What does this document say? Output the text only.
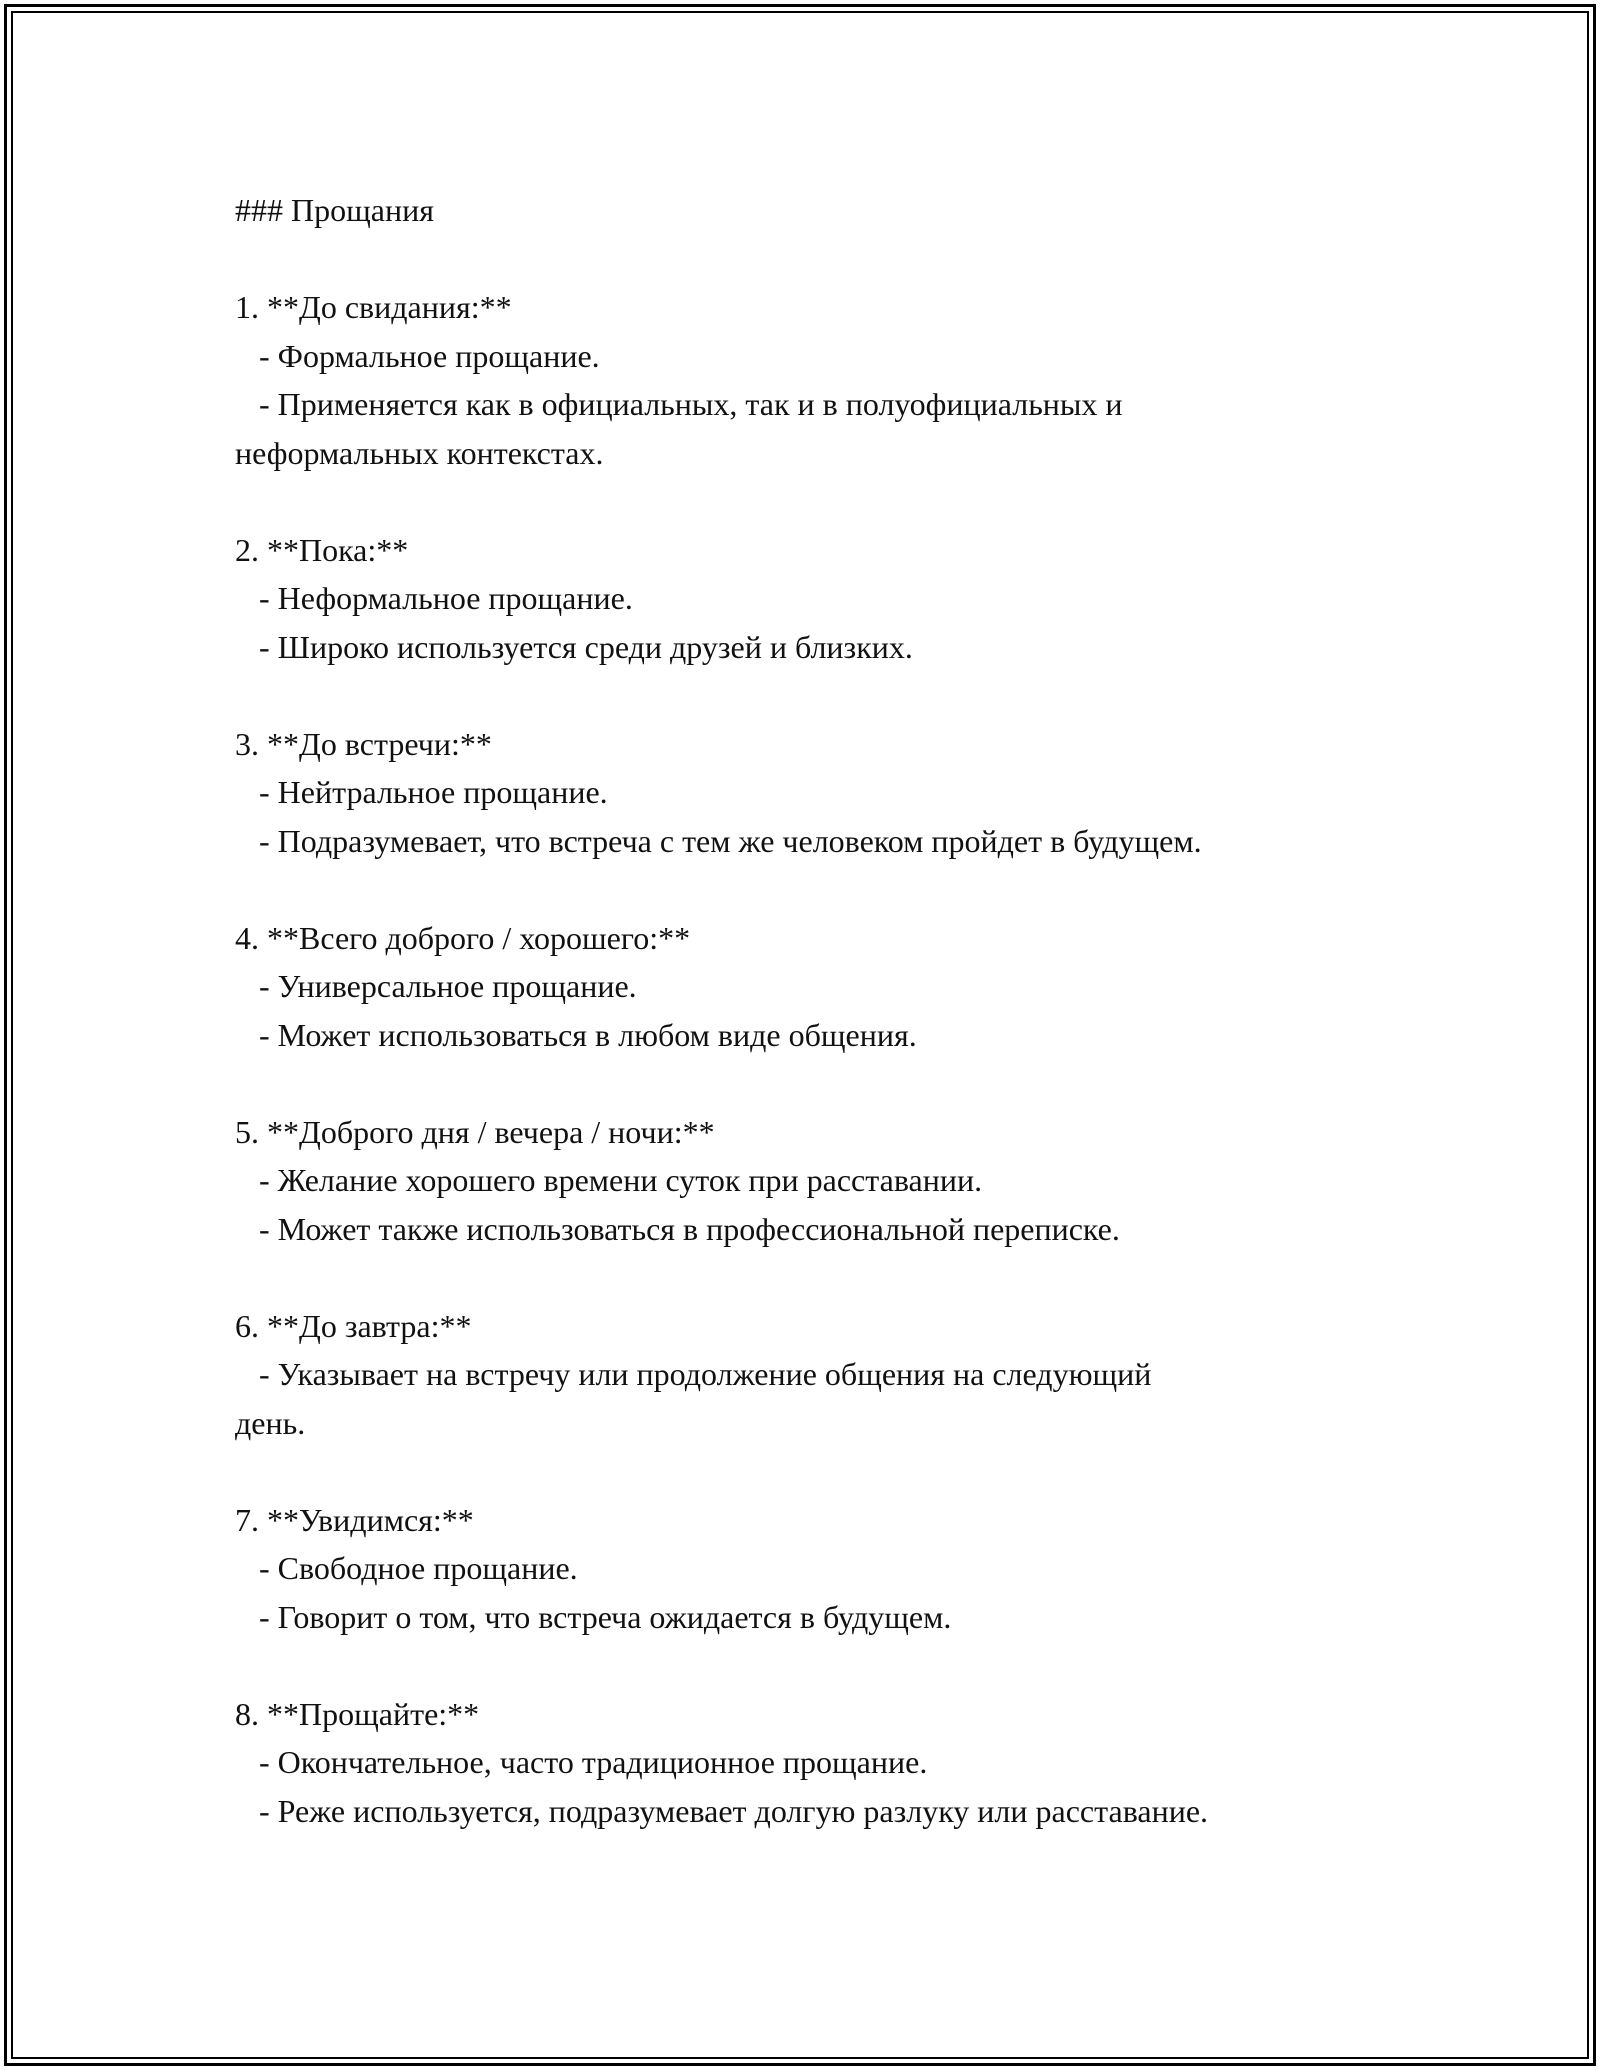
### Прощания
1. **До свидания:**
- Формальное прощание.
- Применяется как в официальных, так и в полуофициальных и
неформальных контекстах.
2. **Пока:**
- Неформальное прощание.
- Широко используется среди друзей и близких.
3. **До встречи:**
- Нейтральное прощание.
- Подразумевает, что встреча с тем же человеком пройдет в будущем.
4. **Всего доброго / хорошего:**
- Универсальное прощание.
- Может использоваться в любом виде общения.
5. **Доброго дня / вечера / ночи:**
- Желание хорошего времени суток при расставании.
- Может также использоваться в профессиональной переписке.
6. **До завтра:**
- Указывает на встречу или продолжение общения на следующий
день.
7. **Увидимся:**
- Свободное прощание.
- Говорит о том, что встреча ожидается в будущем.
8. **Прощайте:**
- Окончательное, часто традиционное прощание.
- Реже используется, подразумевает долгую разлуку или расставание.
